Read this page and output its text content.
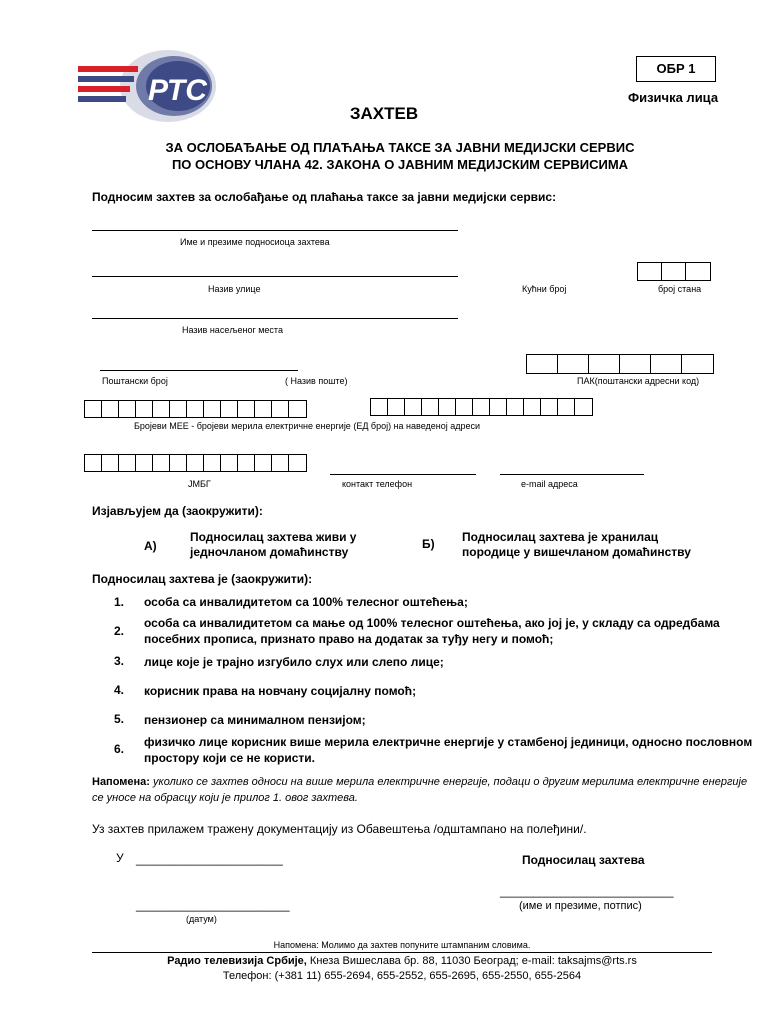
РТС
ОБР 1
Физичка лица
ЗАХТЕВ
ЗА ОСЛОБАЂАЊЕ ОД ПЛАЋАЊА ТАКСЕ ЗА ЈАВНИ МЕДИЈСКИ СЕРВИС
ПО ОСНОВУ ЧЛАНА 42. ЗАКОНА О ЈАВНИМ МЕДИЈСКИМ СЕРВИСИМА
Подносим захтев за ослобађање од плаћања таксе за јавни медијски сервис:
Име и презиме подносиоца захтева
Назив улице	Кућни број	број стана
Назив насељеног места
Поштански број	( Назив поште)	ПАК(поштански адресни код)
Бројеви МЕЕ - бројеви мерила електричне енергије (ЕД број) на наведеној адреси
ЈМБГ	контакт телефон	e-mail адреса
Изјављујем да (заокружити):
А)
Подносилац захтева живи у
једночланом домаћинству
Б) Подносилац захтева је хранилац
породице у вишечланом домаћинству
Подносилац захтева је (заокружити):
1. особа са инвалидитетом са 100% телесног оштећења;
2.
особа са инвалидитетом са мање од 100% телесног оштећења, ако јој је, у складу са одредбама
посебних прописа, признато право на додатак за туђу негу и помоћ;
3. лице које је трајно изгубило слух или слепо лице;
4. корисник права на новчану социјалну помоћ;
5. пензионер са минималном пензијом;
6. физичко лице корисник више мерила електричне енергије у стамбеној јединици, односно пословном
простору који се не користи.
Напомена: уколико се захтев односи на више мерила електричне енергије, подаци о другим мерилима електричне енергије
се уносе на обрасцу који је прилог 1. овог захтева.
Уз захтев прилажем тражену документацију из Обавештења /одштампано на полеђини/.
У ______________________	Подносилац захтева
__________________________
(име и презиме, потпис)
_______________________
(датум)
Напомена: Молимо да захтев попуните штампаним словима.
Радио телевизија Србије, Кнеза Вишеслава бр. 88, 11030 Београд; e-mail: taksajms@rts.rs
Телефон: (+381 11) 655-2694, 655-2552, 655-2695, 655-2550, 655-2564
